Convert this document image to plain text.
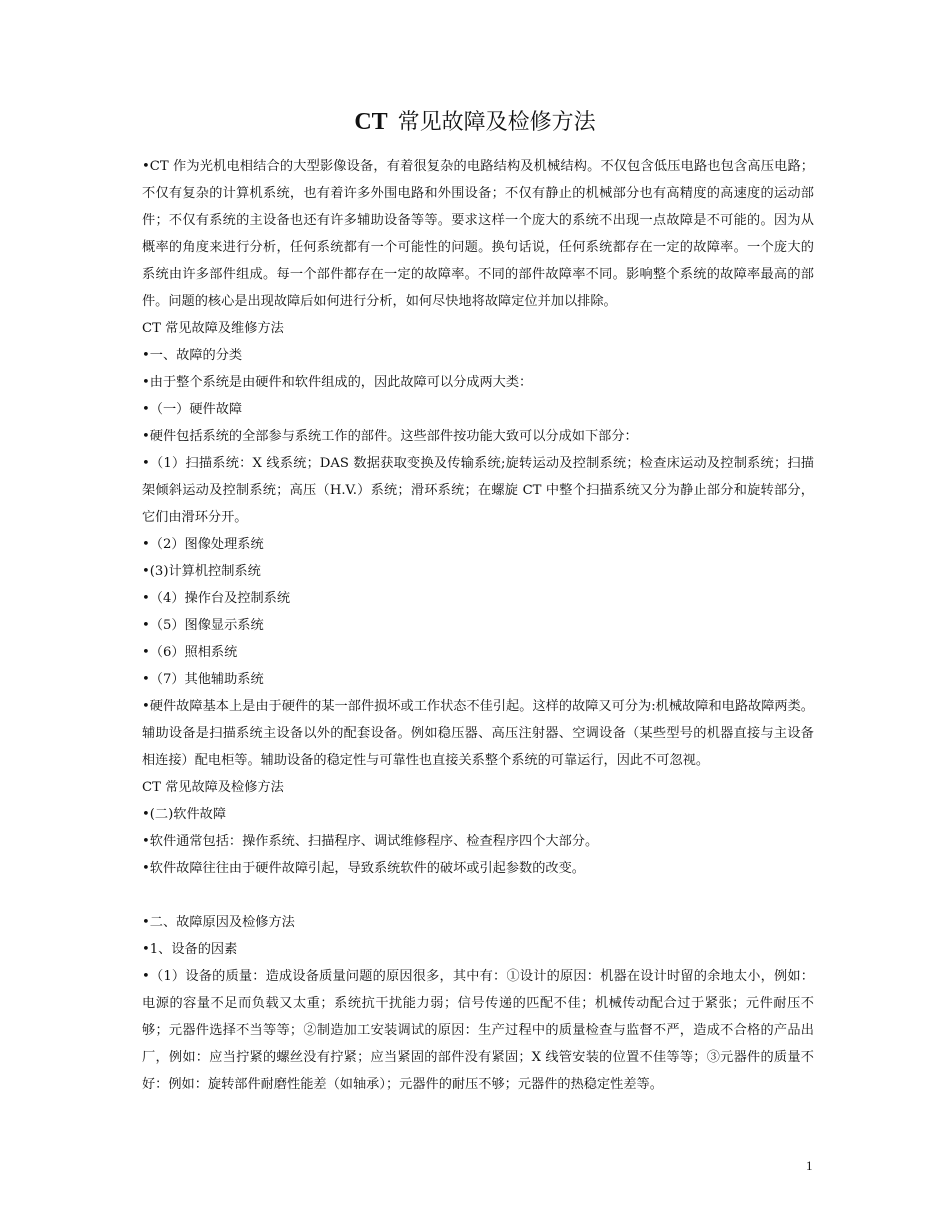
CT 常见故障及检修方法

•CT 作为光机电相结合的大型影像设备，有着很复杂的电路结构及机械结构。不仅包含低压电路也包含高压电路；不仅有复杂的计算机系统，也有着许多外围电路和外围设备；不仅有静止的机械部分也有高精度的高速度的运动部件；不仅有系统的主设备也还有许多辅助设备等等。要求这样一个庞大的系统不出现一点故障是不可能的。因为从概率的角度来进行分析，任何系统都有一个可能性的问题。换句话说，任何系统都存在一定的故障率。一个庞大的系统由许多部件组成。每一个部件都存在一定的故障率。不同的部件故障率不同。影响整个系统的故障率最高的部件。问题的核心是出现故障后如何进行分析，如何尽快地将故障定位并加以排除。

CT 常见故障及维修方法

•一、故障的分类

•由于整个系统是由硬件和软件组成的，因此故障可以分成两大类：

•（一）硬件故障

•硬件包括系统的全部参与系统工作的部件。这些部件按功能大致可以分成如下部分：

•（1）扫描系统：X 线系统；DAS 数据获取变换及传输系统;旋转运动及控制系统；检查床运动及控制系统；扫描架倾斜运动及控制系统；高压（H.V.）系统；滑环系统；在螺旋 CT 中整个扫描系统又分为静止部分和旋转部分，它们由滑环分开。

•（2）图像处理系统

•(3)计算机控制系统

•（4）操作台及控制系统

•（5）图像显示系统

•（6）照相系统

•（7）其他辅助系统

•硬件故障基本上是由于硬件的某一部件损坏或工作状态不佳引起。这样的故障又可分为:机械故障和电路故障两类。辅助设备是扫描系统主设备以外的配套设备。例如稳压器、高压注射器、空调设备（某些型号的机器直接与主设备相连接）配电柜等。辅助设备的稳定性与可靠性也直接关系整个系统的可靠运行，因此不可忽视。

CT 常见故障及检修方法

•(二)软件故障

•软件通常包括：操作系统、扫描程序、调试维修程序、检查程序四个大部分。

•软件故障往往由于硬件故障引起，导致系统软件的破坏或引起参数的改变。

•二、故障原因及检修方法

•1、设备的因素

•（1）设备的质量：造成设备质量问题的原因很多，其中有：①设计的原因：机器在设计时留的余地太小，例如：电源的容量不足而负载又太重；系统抗干扰能力弱；信号传递的匹配不佳；机械传动配合过于紧张；元件耐压不够；元器件选择不当等等；②制造加工安装调试的原因：生产过程中的质量检查与监督不严，造成不合格的产品出厂，例如：应当拧紧的螺丝没有拧紧；应当紧固的部件没有紧固；X 线管安装的位置不佳等等；③元器件的质量不好：例如：旋转部件耐磨性能差（如轴承）；元器件的耐压不够；元器件的热稳定性差等。

1
